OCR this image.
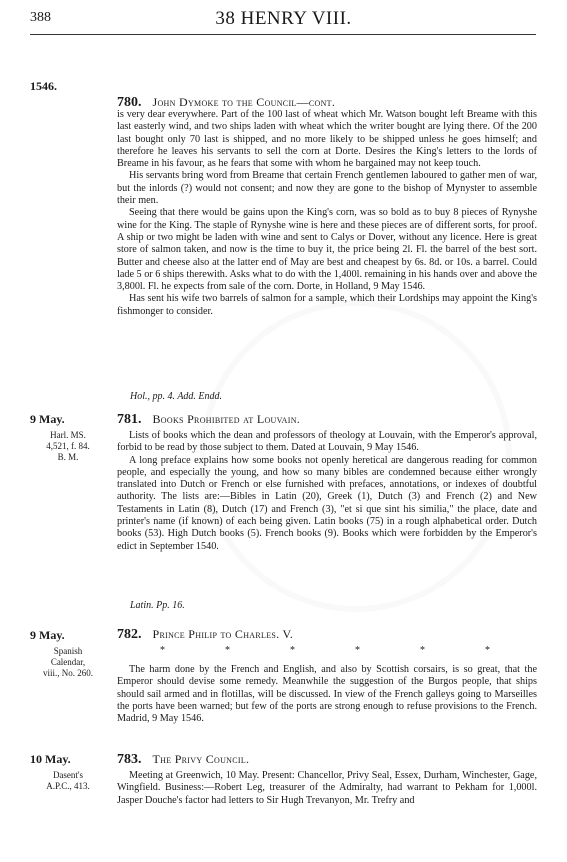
388	38 HENRY VIII.
1546.
780. John Dymoke to the Council—cont.

is very dear everywhere. Part of the 100 last of wheat which Mr. Watson bought left Breame with this last easterly wind, and two ships laden with wheat which the writer bought are lying there. Of the 200 last bought only 70 last is shipped, and no more likely to be shipped unless he goes himself; and therefore he leaves his servants to sell the corn at Dorte. Desires the King's letters to the lords of Breame in his favour, as he fears that some with whom he bargained may not keep touch.

His servants bring word from Breame that certain French gentlemen laboured to gather men of war, but the inlords (?) would not consent; and now they are gone to the bishop of Mynyster to assemble their men.

Seeing that there would be gains upon the King's corn, was so bold as to buy 8 pieces of Rynyshe wine for the King. The staple of Rynyshe wine is here and these pieces are of different sorts, for proof. A ship or two might be laden with wine and sent to Calys or Dover, without any licence. Here is great store of salmon taken, and now is the time to buy it, the price being 2l. Fl. the barrel of the best sort. Butter and cheese also at the latter end of May are best and cheapest by 6s. 8d. or 10s. a barrel. Could lade 5 or 6 ships therewith. Asks what to do with the 1,400l. remaining in his hands over and above the 3,800l. Fl. he expects from sale of the corn. Dorte, in Holland, 9 May 1546.

Has sent his wife two barrels of salmon for a sample, which their Lordships may appoint the King's fishmonger to consider.

Hol., pp. 4. Add. Endd.
9 May.
Harl. MS.
4,521, f. 84.
B. M.
781. Books Prohibited at Louvain.

Lists of books which the dean and professors of theology at Louvain, with the Emperor's approval, forbid to be read by those subject to them. Dated at Louvain, 9 May 1546.

A long preface explains how some books not openly heretical are dangerous reading for common people, and especially the young, and how so many bibles are condemned because either wrongly translated into Dutch or French or else furnished with prefaces, annotations, or indexes of doubtful authority. The lists are:—Bibles in Latin (20), Greek (1), Dutch (3) and French (2) and New Testaments in Latin (8), Dutch (17) and French (3), "et si que sint his similia," the place, date and printer's name (if known) of each being given. Latin books (75) in a rough alphabetical order. Dutch books (53). High Dutch books (5). French books (9). Books which were forbidden by the Emperor's edict in September 1540.

Latin. Pp. 16.
9 May.
Spanish
Calendar,
viii., No. 260.
782. Prince Philip to Charles. V.
*	*	*	*	*	*

The harm done by the French and English, and also by Scottish corsairs, is so great, that the Emperor should devise some remedy. Meanwhile the suggestion of the Burgos people, that ships should sail armed and in flotillas, will be discussed. In view of the French galleys going to Marseilles the ports have been warned; but few of the ports are strong enough to refuse provisions to the French. Madrid, 9 May 1546.

10 May.
Dasent's
A.P.C., 413.
783. The Privy Council.

Meeting at Greenwich, 10 May. Present: Chancellor, Privy Seal, Essex, Durham, Winchester, Gage, Wingfield. Business:—Robert Leg, treasurer of the Admiralty, had warrant to Pekham for 1,000l. Jasper Douche's factor had letters to Sir Hugh Trevanyon, Mr. Trefry and
